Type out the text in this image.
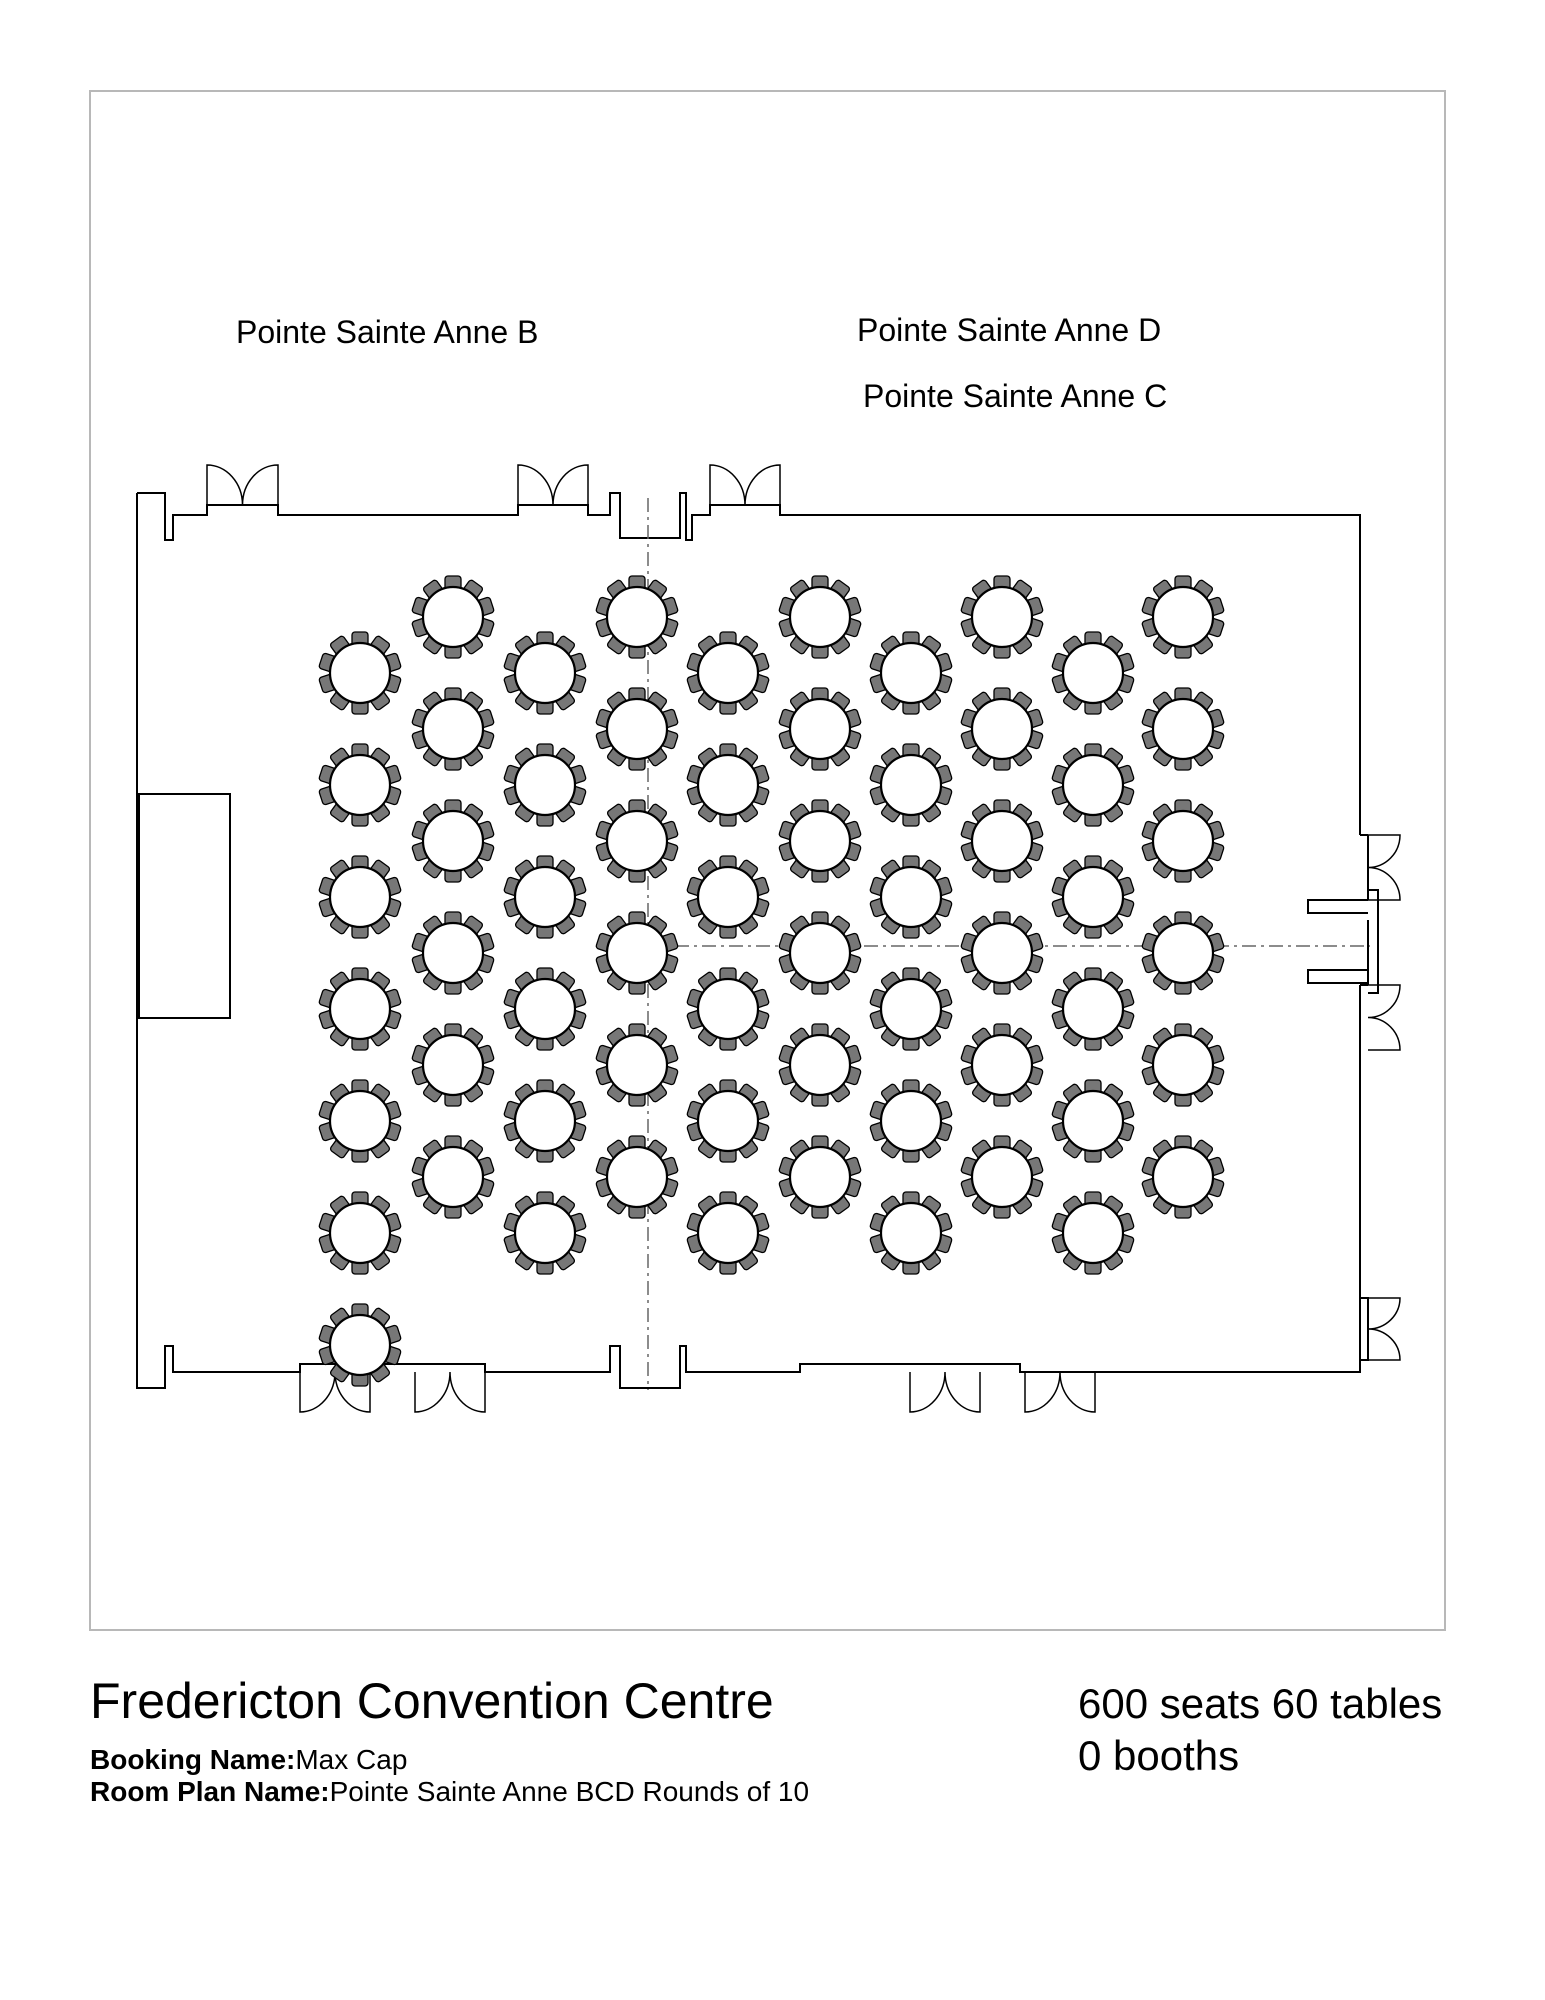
Pointe Sainte Anne B	Pointe Sainte Anne D
Pointe Sainte Anne C
Fredericton Convention Centre
Booking Name:Max Cap
Room Plan Name:Pointe Sainte Anne BCD Rounds of 10
600 seats 60 tables
0 booths
